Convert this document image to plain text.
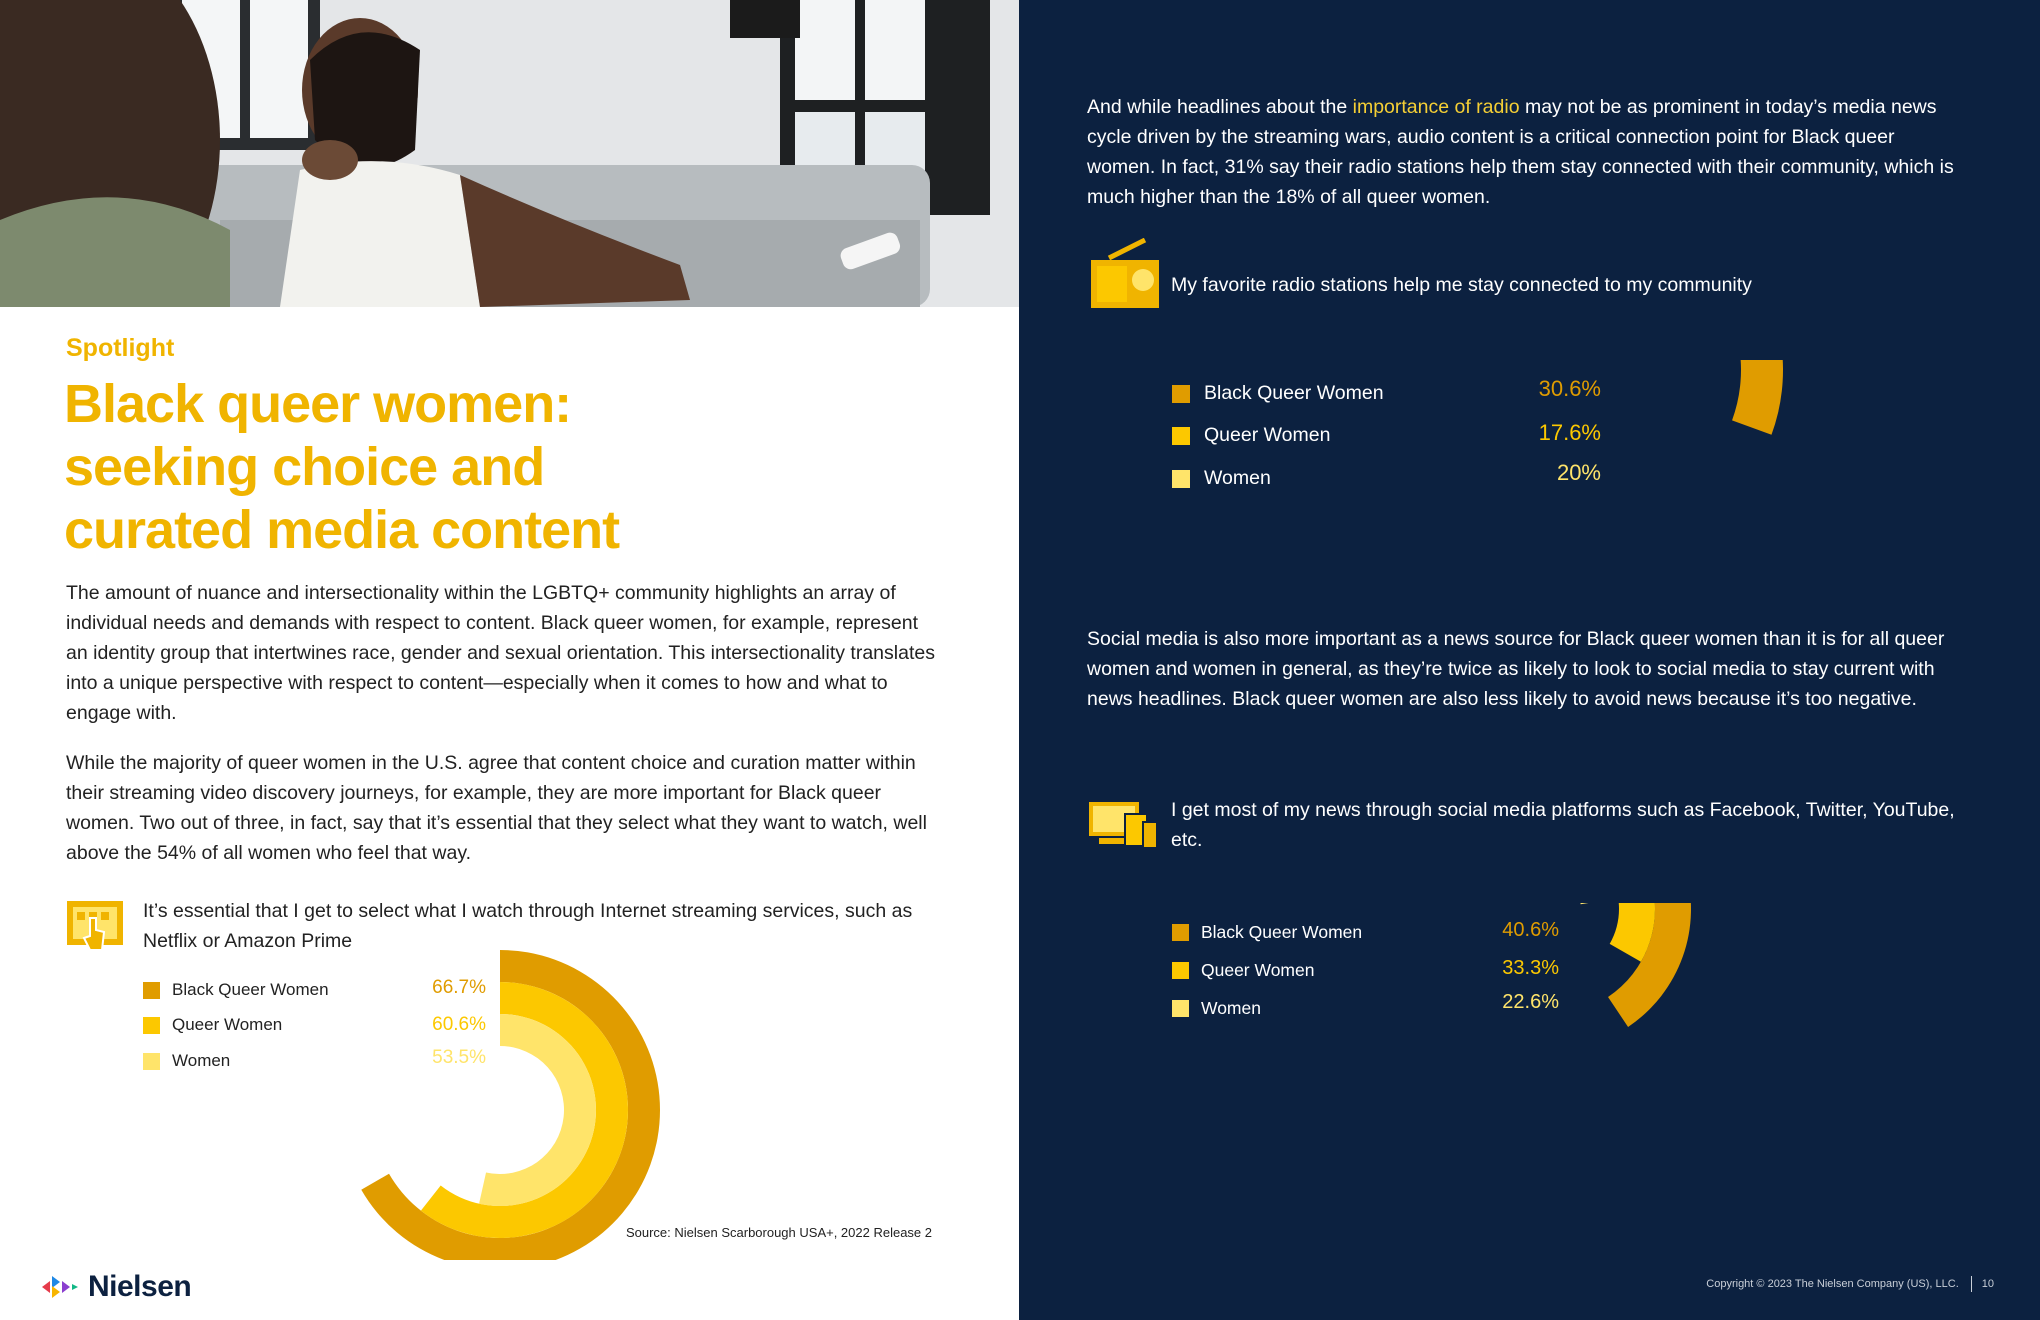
Spotlight
Black queer women:
seeking choice and
curated media content
The amount of nuance and intersectionality within the LGBTQ+ community highlights an array of individual needs and demands with respect to content. Black queer women, for example, represent an identity group that intertwines race, gender and sexual orientation. This intersectionality translates into a unique perspective with respect to content—especially when it comes to how and what to engage with.
While the majority of queer women in the U.S. agree that content choice and curation matter within their streaming video discovery journeys, for example, they are more important for Black queer women. Two out of three, in fact, say that it’s essential that they select what they want to watch, well above the 54% of all women who feel that way.
It’s essential that I get to select what I watch through Internet streaming services, such as Netflix or Amazon Prime
Black Queer Women
Queer Women
Women
66.7%
60.6%
53.5%
Source: Nielsen Scarborough USA+, 2022 Release 2
Nielsen
And while headlines about the importance of radio may not be as prominent in today’s media news cycle driven by the streaming wars, audio content is a critical connection point for Black queer women. In fact, 31% say their radio stations help them stay connected with their community, which is much higher than the 18% of all queer women.
My favorite radio stations help me stay connected to my community
Black Queer Women
Queer Women
Women
30.6%
17.6%
20%
Social media is also more important as a news source for Black queer women than it is for all queer women and women in general, as they’re twice as likely to look to social media to stay current with news headlines. Black queer women are also less likely to avoid news because it’s too negative.
I get most of my news through social media platforms such as Facebook, Twitter, YouTube, etc.
Black Queer Women
Queer Women
Women
40.6%
33.3%
22.6%
Copyright © 2023 The Nielsen Company (US), LLC. 10
